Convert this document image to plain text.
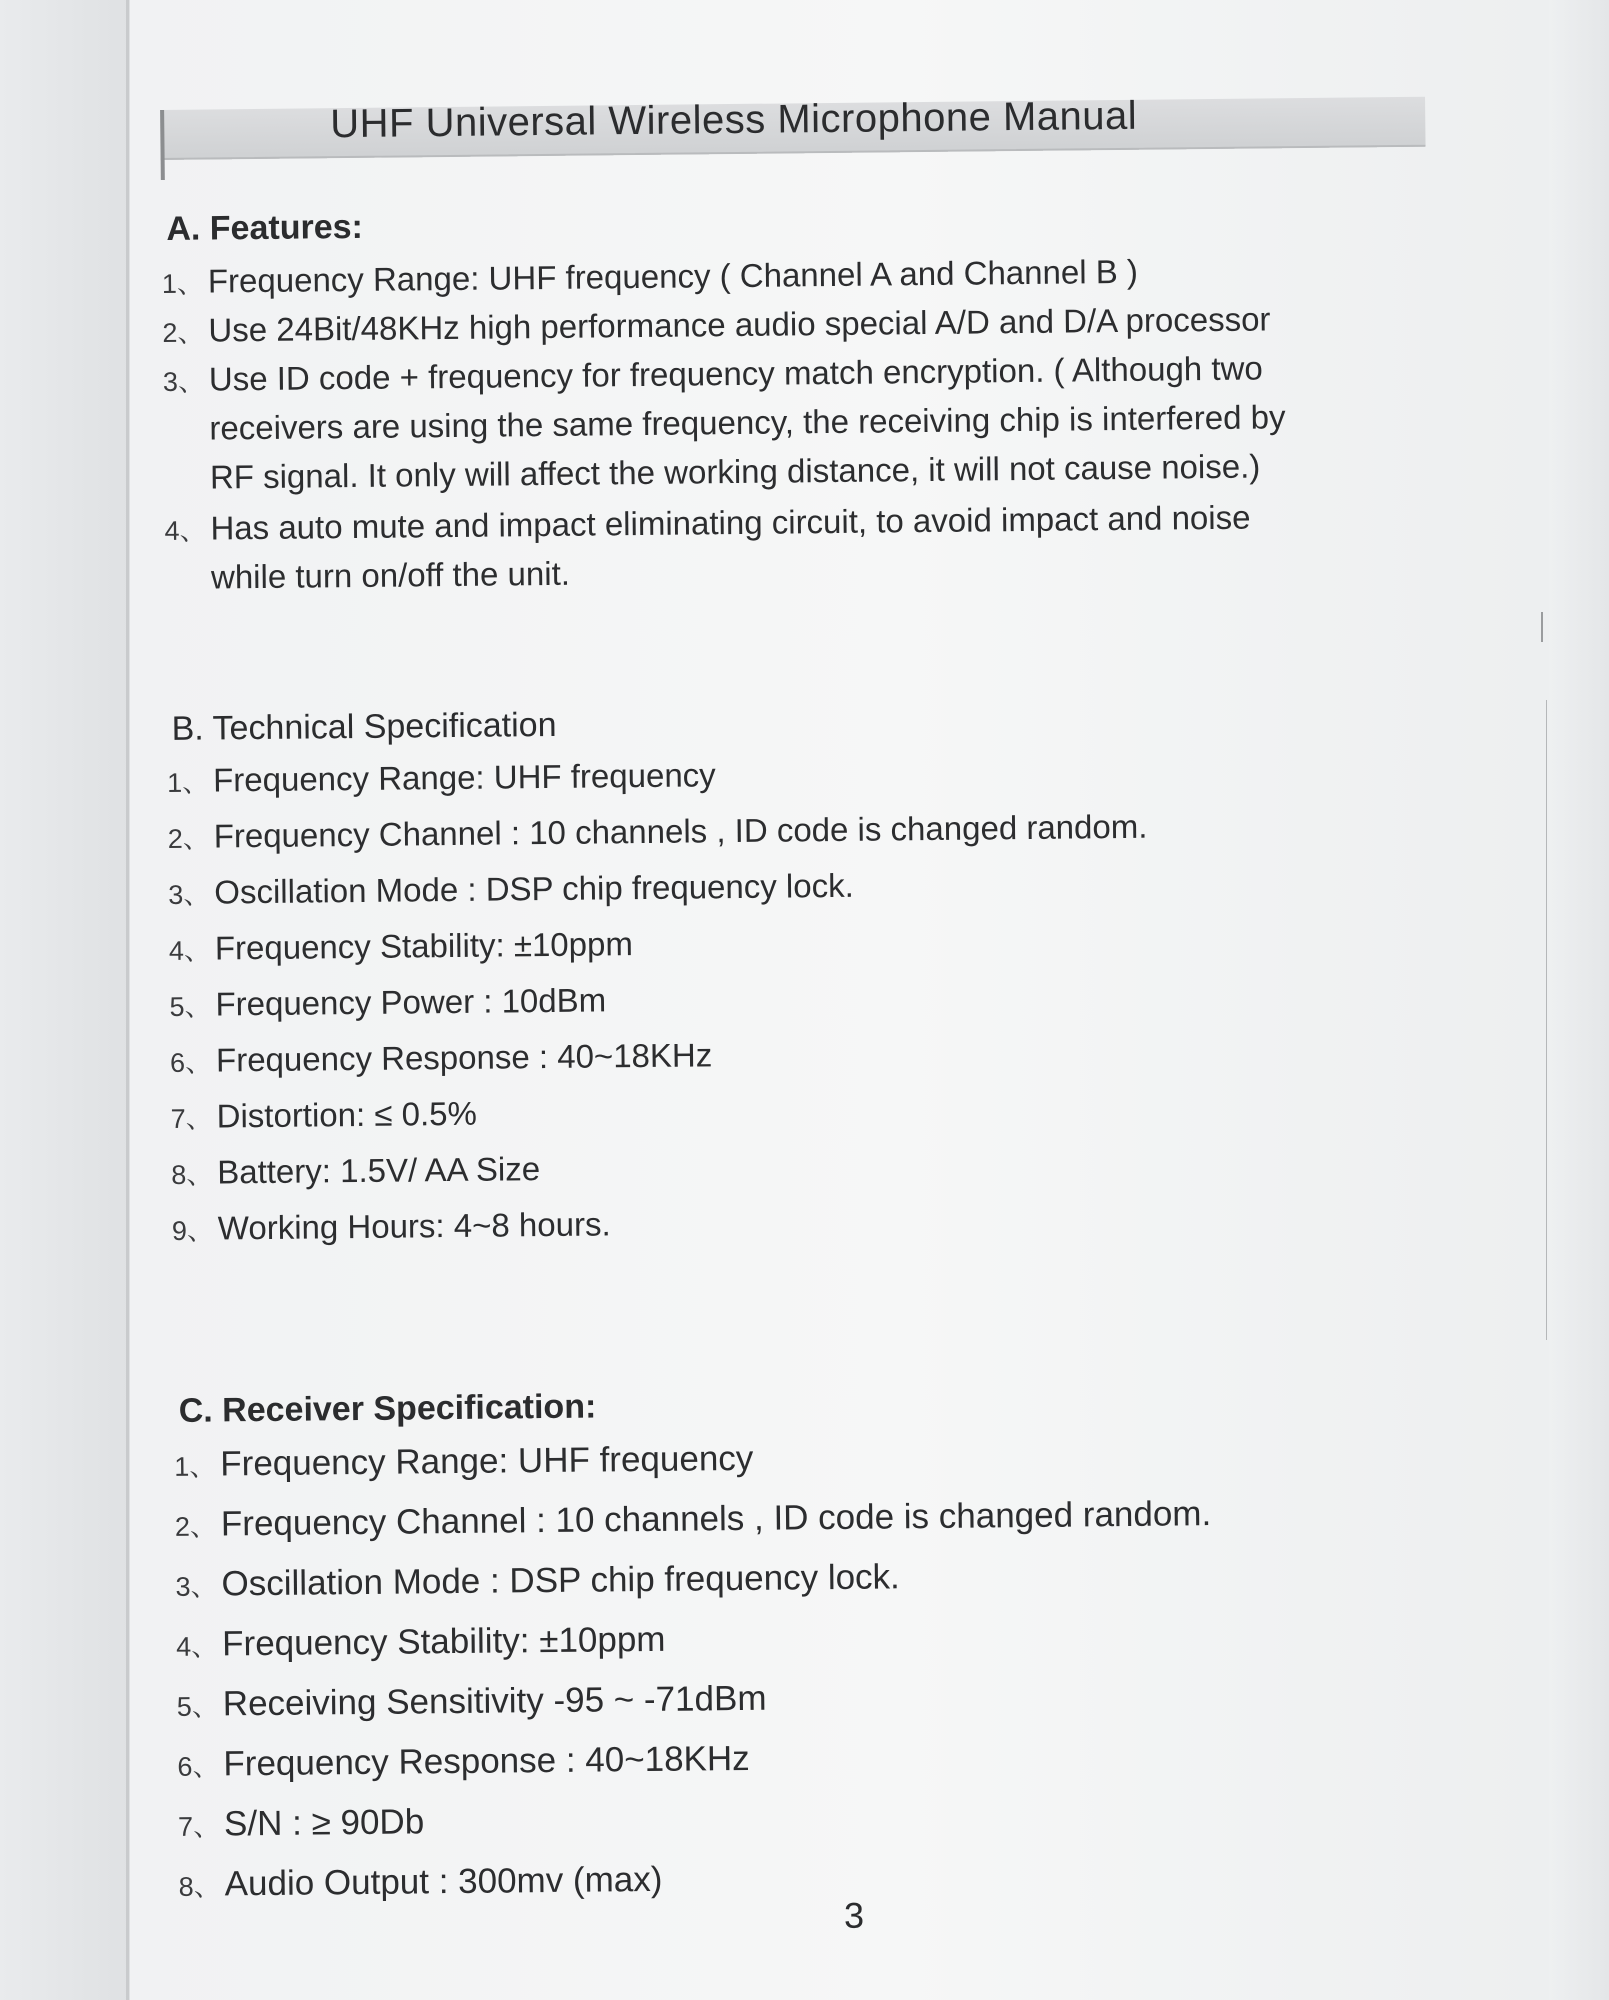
UHF Universal Wireless Microphone Manual
A. Features:
1、 Frequency Range: UHF frequency ( Channel A and Channel B )
2、 Use 24Bit/48KHz high performance audio special A/D and D/A processor
3、 Use ID code + frequency for frequency match encryption. ( Although two
receivers are using the same frequency, the receiving chip is interfered by
RF signal. It only will affect the working distance, it will not cause noise.)
4、 Has auto mute and impact eliminating circuit, to avoid impact and noise
while turn on/off the unit.
B. Technical Specification
1、 Frequency Range: UHF frequency
2、 Frequency Channel : 10 channels , ID code is changed random.
3、 Oscillation Mode : DSP chip frequency lock.
4、 Frequency Stability: ±10ppm
5、 Frequency Power : 10dBm
6、 Frequency Response : 40~18KHz
7、 Distortion: ≤ 0.5%
8、 Battery: 1.5V/ AA Size
9、 Working Hours: 4~8 hours.
C. Receiver Specification:
1、 Frequency Range: UHF frequency
2、 Frequency Channel : 10 channels , ID code is changed random.
3、 Oscillation Mode : DSP chip frequency lock.
4、 Frequency Stability: ±10ppm
5、 Receiving Sensitivity -95 ~ -71dBm
6、 Frequency Response : 40~18KHz
7、 S/N : ≥ 90Db
8、 Audio Output : 300mv (max)
3
